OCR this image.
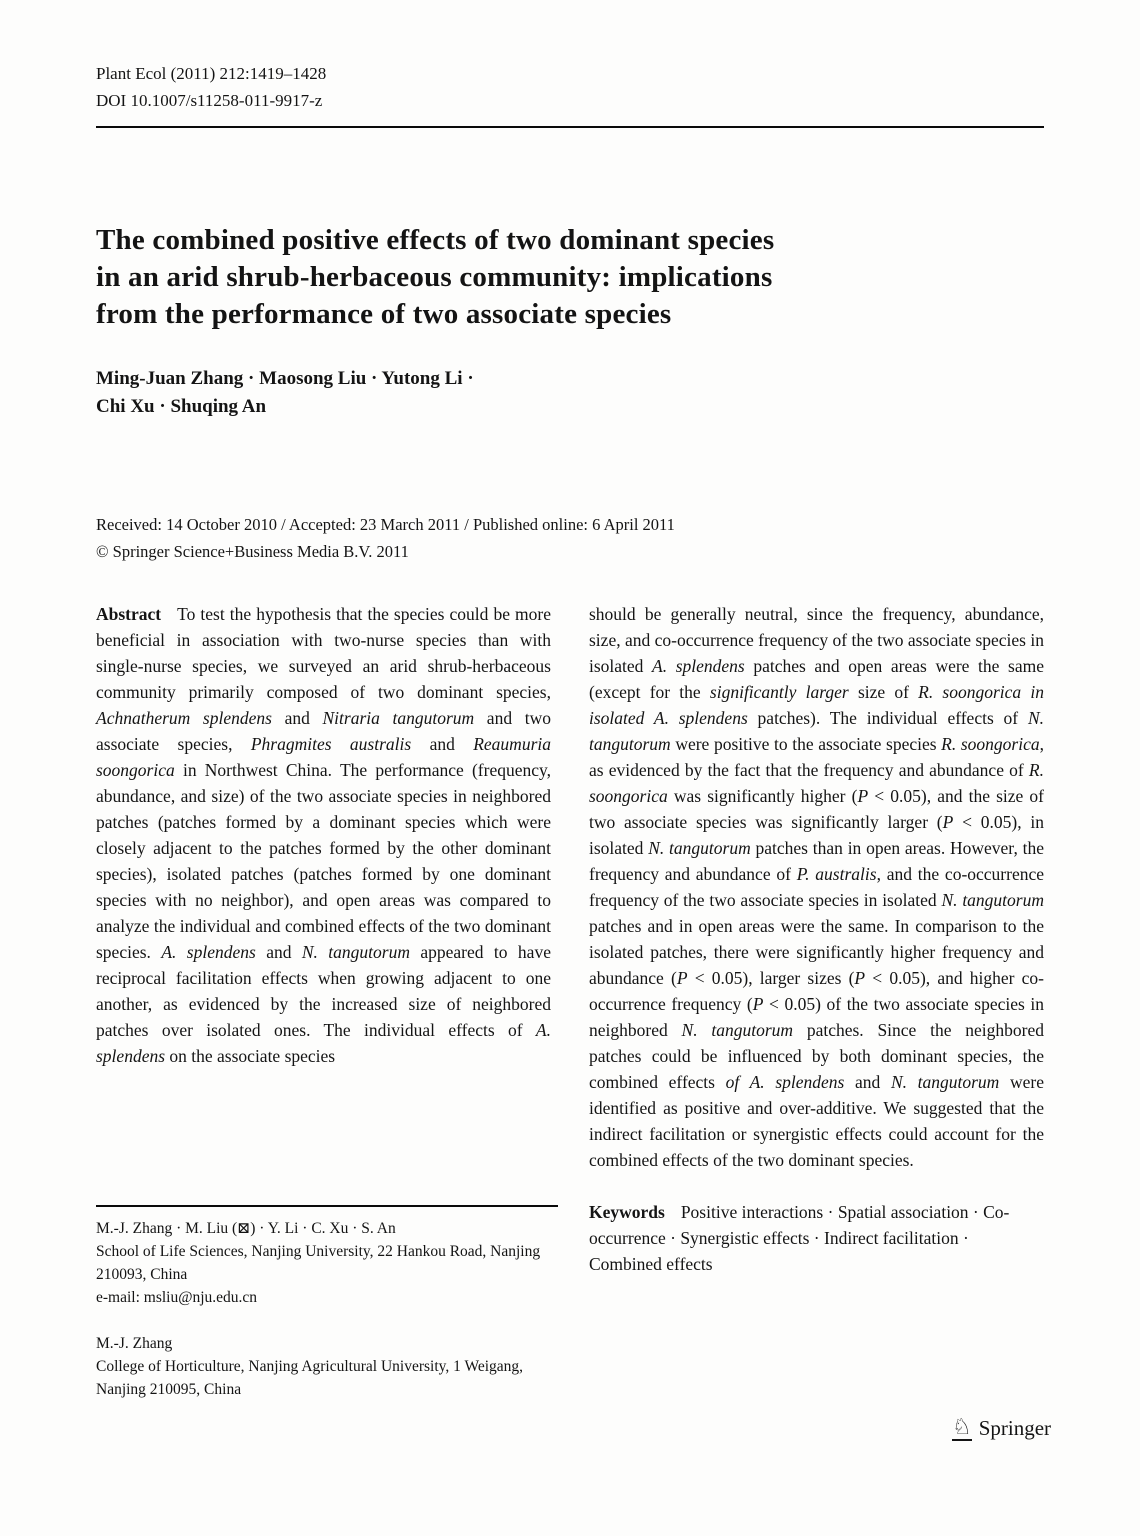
Plant Ecol (2011) 212:1419–1428
DOI 10.1007/s11258-011-9917-z
The combined positive effects of two dominant species
in an arid shrub-herbaceous community: implications
from the performance of two associate species
Ming-Juan Zhang · Maosong Liu · Yutong Li ·
Chi Xu · Shuqing An
Received: 14 October 2010 / Accepted: 23 March 2011 / Published online: 6 April 2011
© Springer Science+Business Media B.V. 2011

Abstract To test the hypothesis that the species could be more beneficial in association with two-nurse species than with single-nurse species, we surveyed an arid shrub-herbaceous community primarily composed of two dominant species, Achnatherum splendens and Nitraria tangutorum and two associate species, Phragmites australis and Reaumuria soongorica in Northwest China. The performance (frequency, abundance, and size) of the two associate species in neighbored patches (patches formed by a dominant species which were closely adjacent to the patches formed by the other dominant species), isolated patches (patches formed by one dominant species with no neighbor), and open areas was compared to analyze the individual and combined effects of the two dominant species. A. splendens and N. tangutorum appeared to have reciprocal facilitation effects when growing adjacent to one another, as evidenced by the increased size of neighbored patches over isolated ones. The individual effects of A. splendens on the associate species

should be generally neutral, since the frequency, abundance, size, and co-occurrence frequency of the two associate species in isolated A. splendens patches and open areas were the same (except for the significantly larger size of R. soongorica in isolated A. splendens patches). The individual effects of N. tangutorum were positive to the associate species R. soongorica, as evidenced by the fact that the frequency and abundance of R. soongorica was significantly higher (P < 0.05), and the size of two associate species was significantly larger (P < 0.05), in isolated N. tangutorum patches than in open areas. However, the frequency and abundance of P. australis, and the co-occurrence frequency of the two associate species in isolated N. tangutorum patches and in open areas were the same. In comparison to the isolated patches, there were significantly higher frequency and abundance (P < 0.05), larger sizes (P < 0.05), and higher co-occurrence frequency (P < 0.05) of the two associate species in neighbored N. tangutorum patches. Since the neighbored patches could be influenced by both dominant species, the combined effects of A. splendens and N. tangutorum were identified as positive and over-additive. We suggested that the indirect facilitation or synergistic effects could account for the combined effects of the two dominant species.

Keywords Positive interactions · Spatial association · Co-occurrence · Synergistic effects · Indirect facilitation · Combined effects

M.-J. Zhang · M. Liu (⊠) · Y. Li · C. Xu · S. An
School of Life Sciences, Nanjing University, 22 Hankou Road, Nanjing 210093, China
e-mail: msliu@nju.edu.cn
M.-J. Zhang
College of Horticulture, Nanjing Agricultural University, 1 Weigang, Nanjing 210095, China
♘ Springer
